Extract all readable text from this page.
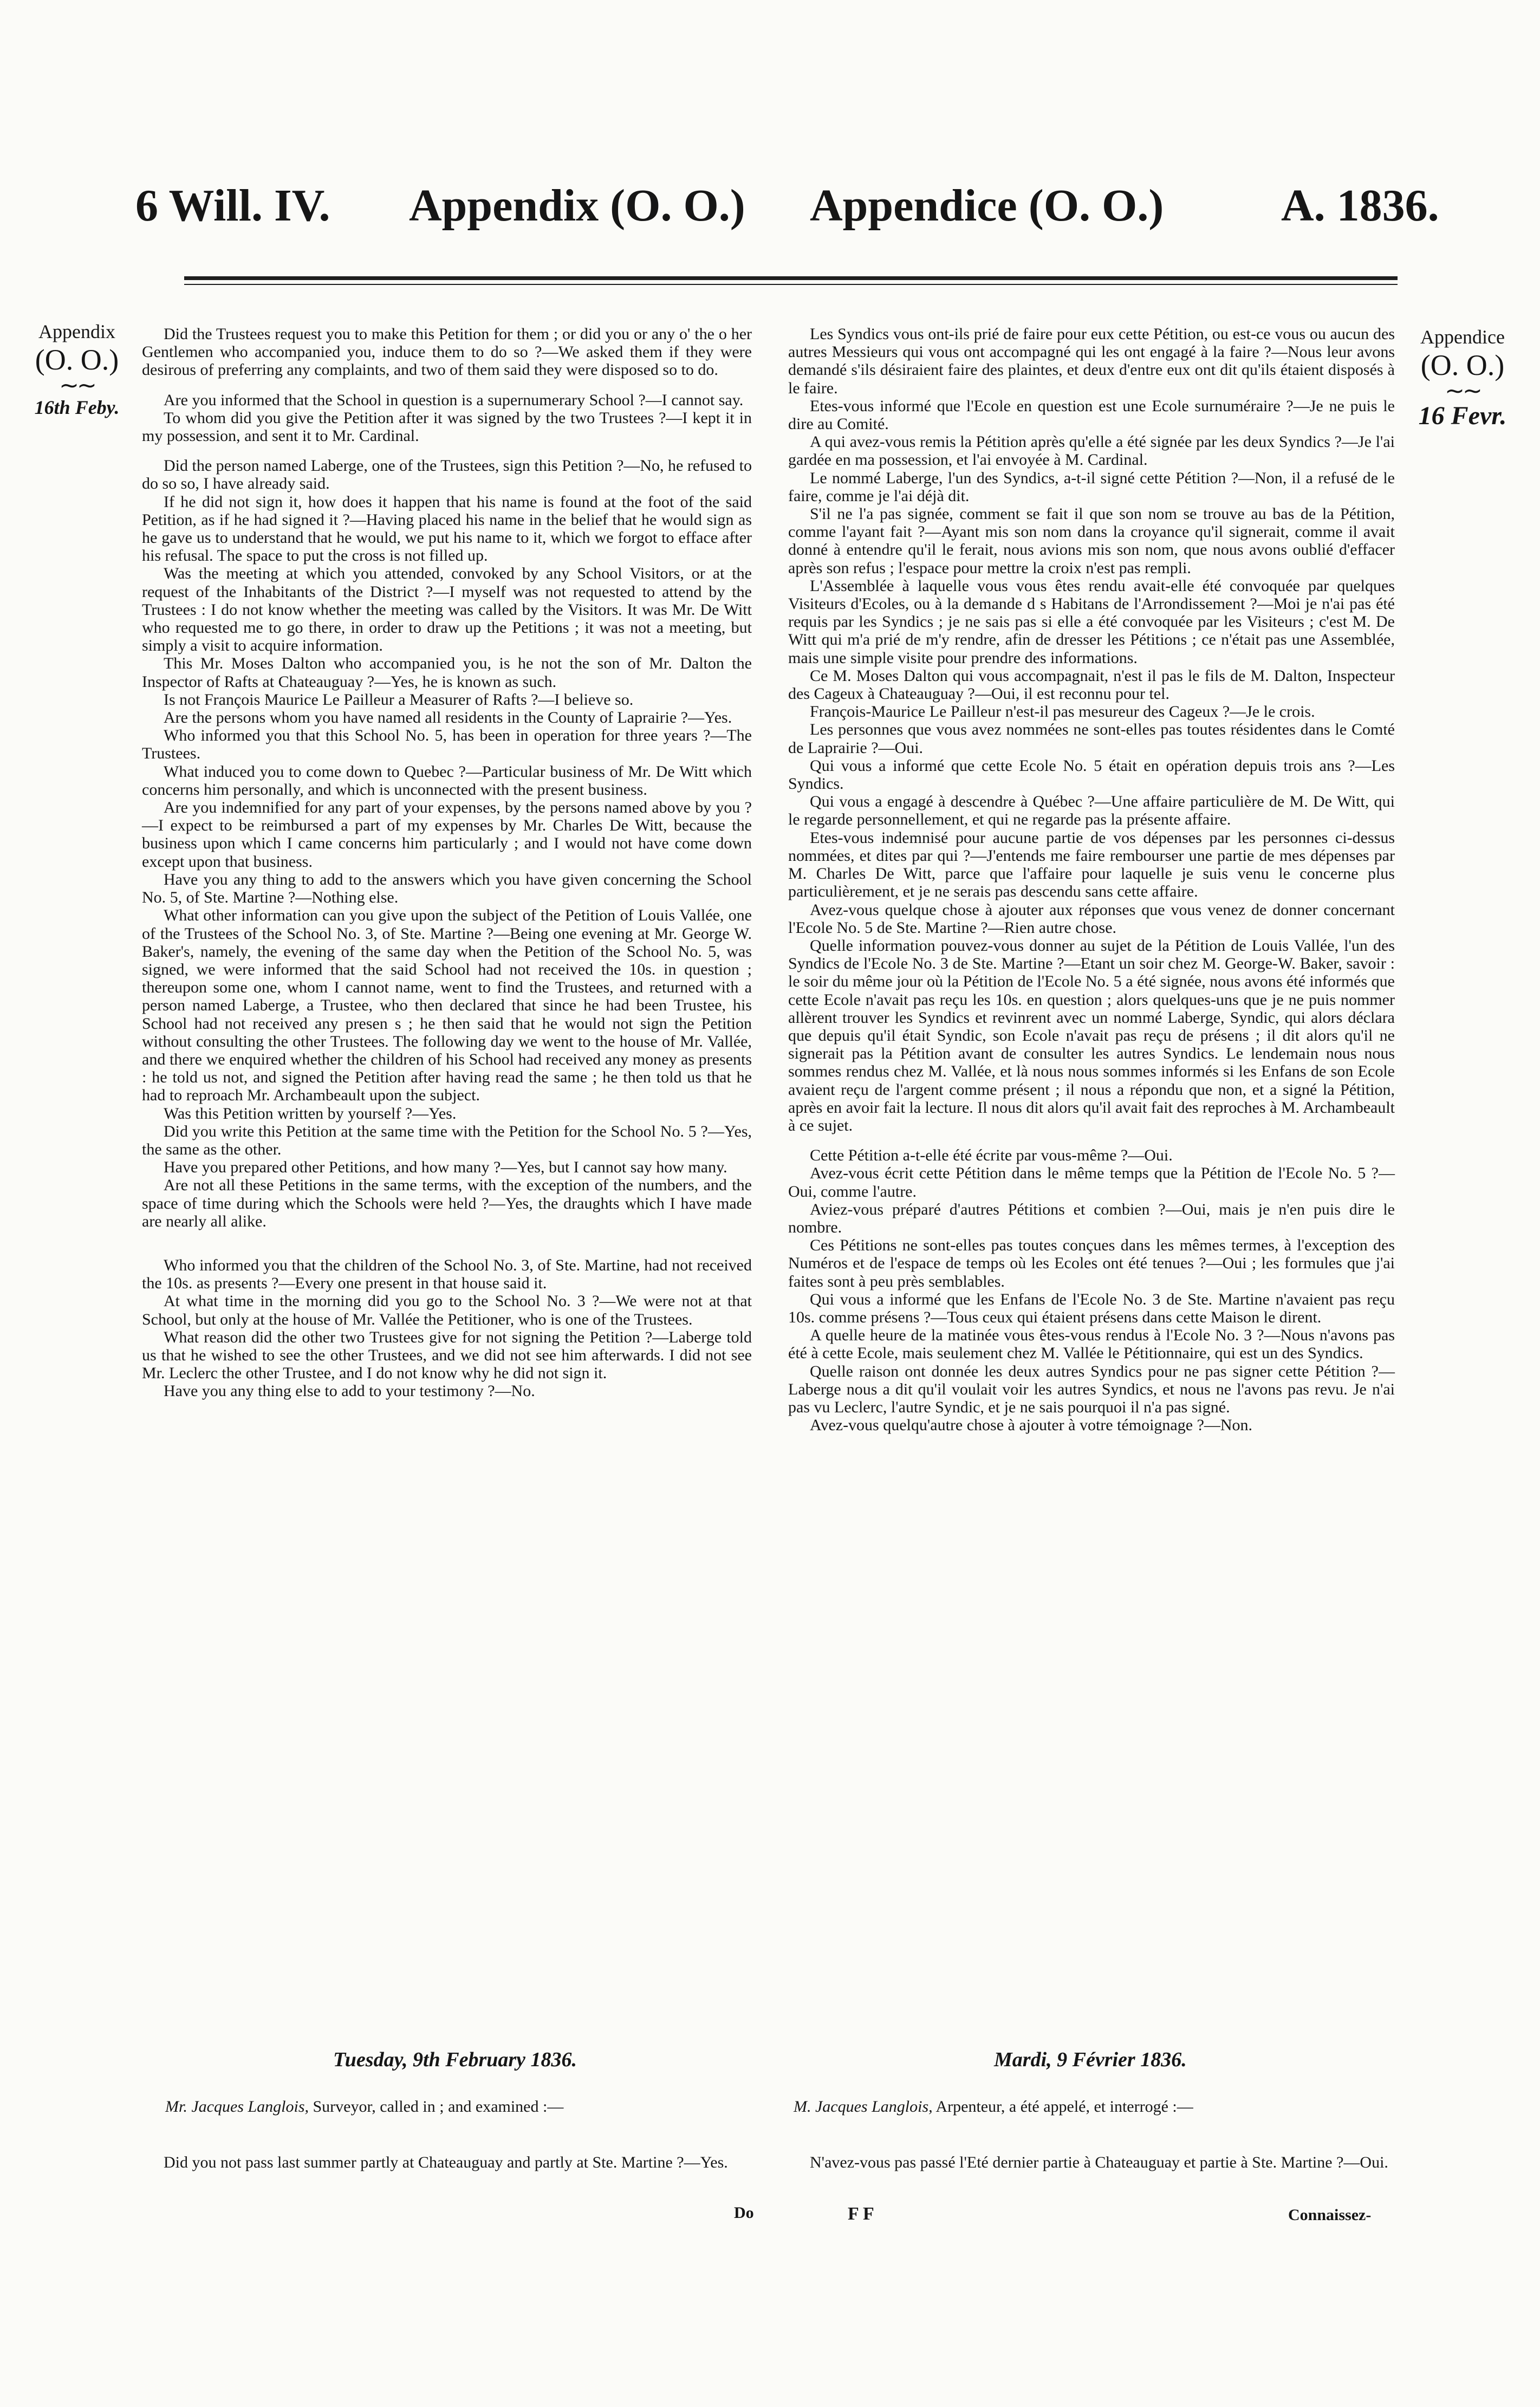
6 Will. IV. Appendix (O. O.) Appendice (O. O.)	A. 1836.
Appendix
(O. O.)
∼∼
16th Feby.
Appendice
(O. O.)
∼∼
16 Fevr.

Did the Trustees request you to make this Petition for them ; or did you or any o' the o her Gentlemen who accompanied you, induce them to do so ?—We asked them if they were desirous of preferring any complaints, and two of them said they were disposed so to do.

Are you informed that the School in question is a supernumerary School ?—I cannot say.

To whom did you give the Petition after it was signed by the two Trustees ?—I kept it in my possession, and sent it to Mr. Cardinal.

Did the person named Laberge, one of the Trustees, sign this Petition ?—No, he refused to do so so, I have already said.

If he did not sign it, how does it happen that his name is found at the foot of the said Petition, as if he had signed it ?—Having placed his name in the belief that he would sign as he gave us to understand that he would, we put his name to it, which we forgot to efface after his refusal. The space to put the cross is not filled up.

Was the meeting at which you attended, convoked by any School Visitors, or at the request of the Inhabitants of the District ?—I myself was not requested to attend by the Trustees : I do not know whether the meeting was called by the Visitors. It was Mr. De Witt who requested me to go there, in order to draw up the Petitions ; it was not a meeting, but simply a visit to acquire information.

This Mr. Moses Dalton who accompanied you, is he not the son of Mr. Dalton the Inspector of Rafts at Chateauguay ?—Yes, he is known as such.

Is not François Maurice Le Pailleur a Measurer of Rafts ?—I believe so.

Are the persons whom you have named all residents in the County of Laprairie ?—Yes.

Who informed you that this School No. 5, has been in operation for three years ?—The Trustees.

What induced you to come down to Quebec ?—Particular business of Mr. De Witt which concerns him personally, and which is unconnected with the present business.

Are you indemnified for any part of your expenses, by the persons named above by you ?—I expect to be reimbursed a part of my expenses by Mr. Charles De Witt, because the business upon which I came concerns him particularly ; and I would not have come down except upon that business.

Have you any thing to add to the answers which you have given concerning the School No. 5, of Ste. Martine ?—Nothing else.

What other information can you give upon the subject of the Petition of Louis Vallée, one of the Trustees of the School No. 3, of Ste. Martine ?—Being one evening at Mr. George W. Baker's, namely, the evening of the same day when the Petition of the School No. 5, was signed, we were informed that the said School had not received the 10s. in question ; thereupon some one, whom I cannot name, went to find the Trustees, and returned with a person named Laberge, a Trustee, who then declared that since he had been Trustee, his School had not received any presen s ; he then said that he would not sign the Petition without consulting the other Trustees. The following day we went to the house of Mr. Vallée, and there we enquired whether the children of his School had received any money as presents : he told us not, and signed the Petition after having read the same ; he then told us that he had to reproach Mr. Archambeault upon the subject.

Was this Petition written by yourself ?—Yes.

Did you write this Petition at the same time with the Petition for the School No. 5 ?—Yes, the same as the other.

Have you prepared other Petitions, and how many ?—Yes, but I cannot say how many.

Are not all these Petitions in the same terms, with the exception of the numbers, and the space of time during which the Schools were held ?—Yes, the draughts which I have made are nearly all alike.

Who informed you that the children of the School No. 3, of Ste. Martine, had not received the 10s. as presents ?—Every one present in that house said it.

At what time in the morning did you go to the School No. 3 ?—We were not at that School, but only at the house of Mr. Vallée the Petitioner, who is one of the Trustees.

What reason did the other two Trustees give for not signing the Petition ?—Laberge told us that he wished to see the other Trustees, and we did not see him afterwards. I did not see Mr. Leclerc the other Trustee, and I do not know why he did not sign it.

Have you any thing else to add to your testimony ?—No.

Les Syndics vous ont-ils prié de faire pour eux cette Pétition, ou est-ce vous ou aucun des autres Messieurs qui vous ont accompagné qui les ont engagé à la faire ?—Nous leur avons demandé s'ils désiraient faire des plaintes, et deux d'entre eux ont dit qu'ils étaient disposés à le faire.

Etes-vous informé que l'Ecole en question est une Ecole surnuméraire ?—Je ne puis le dire au Comité.

A qui avez-vous remis la Pétition après qu'elle a été signée par les deux Syndics ?—Je l'ai gardée en ma possession, et l'ai envoyée à M. Cardinal.

Le nommé Laberge, l'un des Syndics, a-t-il signé cette Pétition ?—Non, il a refusé de le faire, comme je l'ai déjà dit.

S'il ne l'a pas signée, comment se fait il que son nom se trouve au bas de la Pétition, comme l'ayant fait ?—Ayant mis son nom dans la croyance qu'il signerait, comme il avait donné à entendre qu'il le ferait, nous avions mis son nom, que nous avons oublié d'effacer après son refus ; l'espace pour mettre la croix n'est pas rempli.

L'Assemblée à laquelle vous vous êtes rendu avait-elle été convoquée par quelques Visiteurs d'Ecoles, ou à la demande d s Habitans de l'Arrondissement ?—Moi je n'ai pas été requis par les Syndics ; je ne sais pas si elle a été convoquée par les Visiteurs ; c'est M. De Witt qui m'a prié de m'y rendre, afin de dresser les Pétitions ; ce n'était pas une Assemblée, mais une simple visite pour prendre des informations.

Ce M. Moses Dalton qui vous accompagnait, n'est il pas le fils de M. Dalton, Inspecteur des Cageux à Chateauguay ?—Oui, il est reconnu pour tel.

François-Maurice Le Pailleur n'est-il pas mesureur des Cageux ?—Je le crois.

Les personnes que vous avez nommées ne sont-elles pas toutes résidentes dans le Comté de Laprairie ?—Oui.

Qui vous a informé que cette Ecole No. 5 était en opération depuis trois ans ?—Les Syndics.

Qui vous a engagé à descendre à Québec ?—Une affaire particulière de M. De Witt, qui le regarde personnellement, et qui ne regarde pas la présente affaire.

Etes-vous indemnisé pour aucune partie de vos dépenses par les personnes ci-dessus nommées, et dites par qui ?—J'entends me faire rembourser une partie de mes dépenses par M. Charles De Witt, parce que l'affaire pour laquelle je suis venu le concerne plus particulièrement, et je ne serais pas descendu sans cette affaire.

Avez-vous quelque chose à ajouter aux réponses que vous venez de donner concernant l'Ecole No. 5 de Ste. Martine ?—Rien autre chose.

Quelle information pouvez-vous donner au sujet de la Pétition de Louis Vallée, l'un des Syndics de l'Ecole No. 3 de Ste. Martine ?—Etant un soir chez M. George-W. Baker, savoir : le soir du même jour où la Pétition de l'Ecole No. 5 a été signée, nous avons été informés que cette Ecole n'avait pas reçu les 10s. en question ; alors quelques-uns que je ne puis nommer allèrent trouver les Syndics et revinrent avec un nommé Laberge, Syndic, qui alors déclara que depuis qu'il était Syndic, son Ecole n'avait pas reçu de présens ; il dit alors qu'il ne signerait pas la Pétition avant de consulter les autres Syndics. Le lendemain nous nous sommes rendus chez M. Vallée, et là nous nous sommes informés si les Enfans de son Ecole avaient reçu de l'argent comme présent ; il nous a répondu que non, et a signé la Pétition, après en avoir fait la lecture. Il nous dit alors qu'il avait fait des reproches à M. Archambeault à ce sujet.

Cette Pétition a-t-elle été écrite par vous-même ?—Oui.

Avez-vous écrit cette Pétition dans le même temps que la Pétition de l'Ecole No. 5 ?—Oui, comme l'autre.

Aviez-vous préparé d'autres Pétitions et combien ?—Oui, mais je n'en puis dire le nombre.

Ces Pétitions ne sont-elles pas toutes conçues dans les mêmes termes, à l'exception des Numéros et de l'espace de temps où les Ecoles ont été tenues ?—Oui ; les formules que j'ai faites sont à peu près semblables.

Qui vous a informé que les Enfans de l'Ecole No. 3 de Ste. Martine n'avaient pas reçu 10s. comme présens ?—Tous ceux qui étaient présens dans cette Maison le dirent.

A quelle heure de la matinée vous êtes-vous rendus à l'Ecole No. 3 ?—Nous n'avons pas été à cette Ecole, mais seulement chez M. Vallée le Pétitionnaire, qui est un des Syndics.

Quelle raison ont donnée les deux autres Syndics pour ne pas signer cette Pétition ?—Laberge nous a dit qu'il voulait voir les autres Syndics, et nous ne l'avons pas revu. Je n'ai pas vu Leclerc, l'autre Syndic, et je ne sais pourquoi il n'a pas signé.

Avez-vous quelqu'autre chose à ajouter à votre témoignage ?—Non.

Tuesday, 9th February 1836.	Mardi, 9 Février 1836.
Mr. Jacques Langlois, Surveyor, called in ; and examined :—	M. Jacques Langlois, Arpenteur, a été appelé, et interrogé :—

Did you not pass last summer partly at Chateauguay and partly at Ste. Martine ?—Yes.	N'avez-vous pas passé l'Eté dernier partie à Chateauguay et partie à Ste. Martine ?—Oui.

Do	F F	Connaissez-
